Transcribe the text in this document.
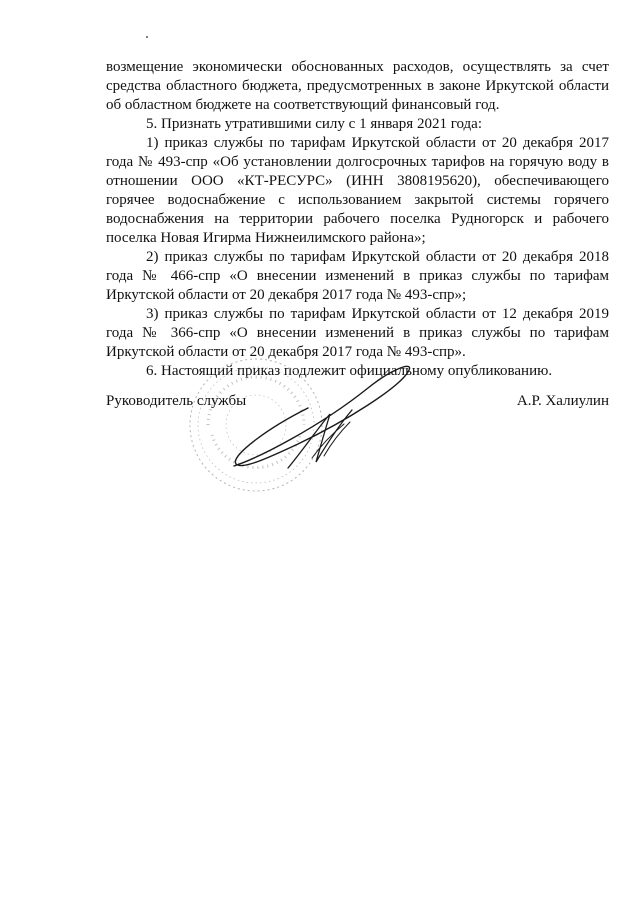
возмещение экономически обоснованных расходов, осуществлять за счет средства областного бюджета, предусмотренных в законе Иркутской области об областном бюджете на соответствующий финансовый год.

5. Признать утратившими силу с 1 января 2021 года:

1) приказ службы по тарифам Иркутской области от 20 декабря 2017 года № 493-спр «Об установлении долгосрочных тарифов на горячую воду в отношении ООО «КТ-РЕСУРС» (ИНН 3808195620), обеспечивающего горячее водоснабжение с использованием закрытой системы горячего водоснабжения на территории рабочего поселка Рудногорск и рабочего поселка Новая Игирма Нижнеилимского района»;

2) приказ службы по тарифам Иркутской области от 20 декабря 2018 года № 466-спр «О внесении изменений в приказ службы по тарифам Иркутской области от 20 декабря 2017 года № 493-спр»;

3) приказ службы по тарифам Иркутской области от 12 декабря 2019 года № 366-спр «О внесении изменений в приказ службы по тарифам Иркутской области от 20 декабря 2017 года № 493-спр».

6. Настоящий приказ подлежит официальному опубликованию.

Руководитель службы	А.Р. Халиулин
